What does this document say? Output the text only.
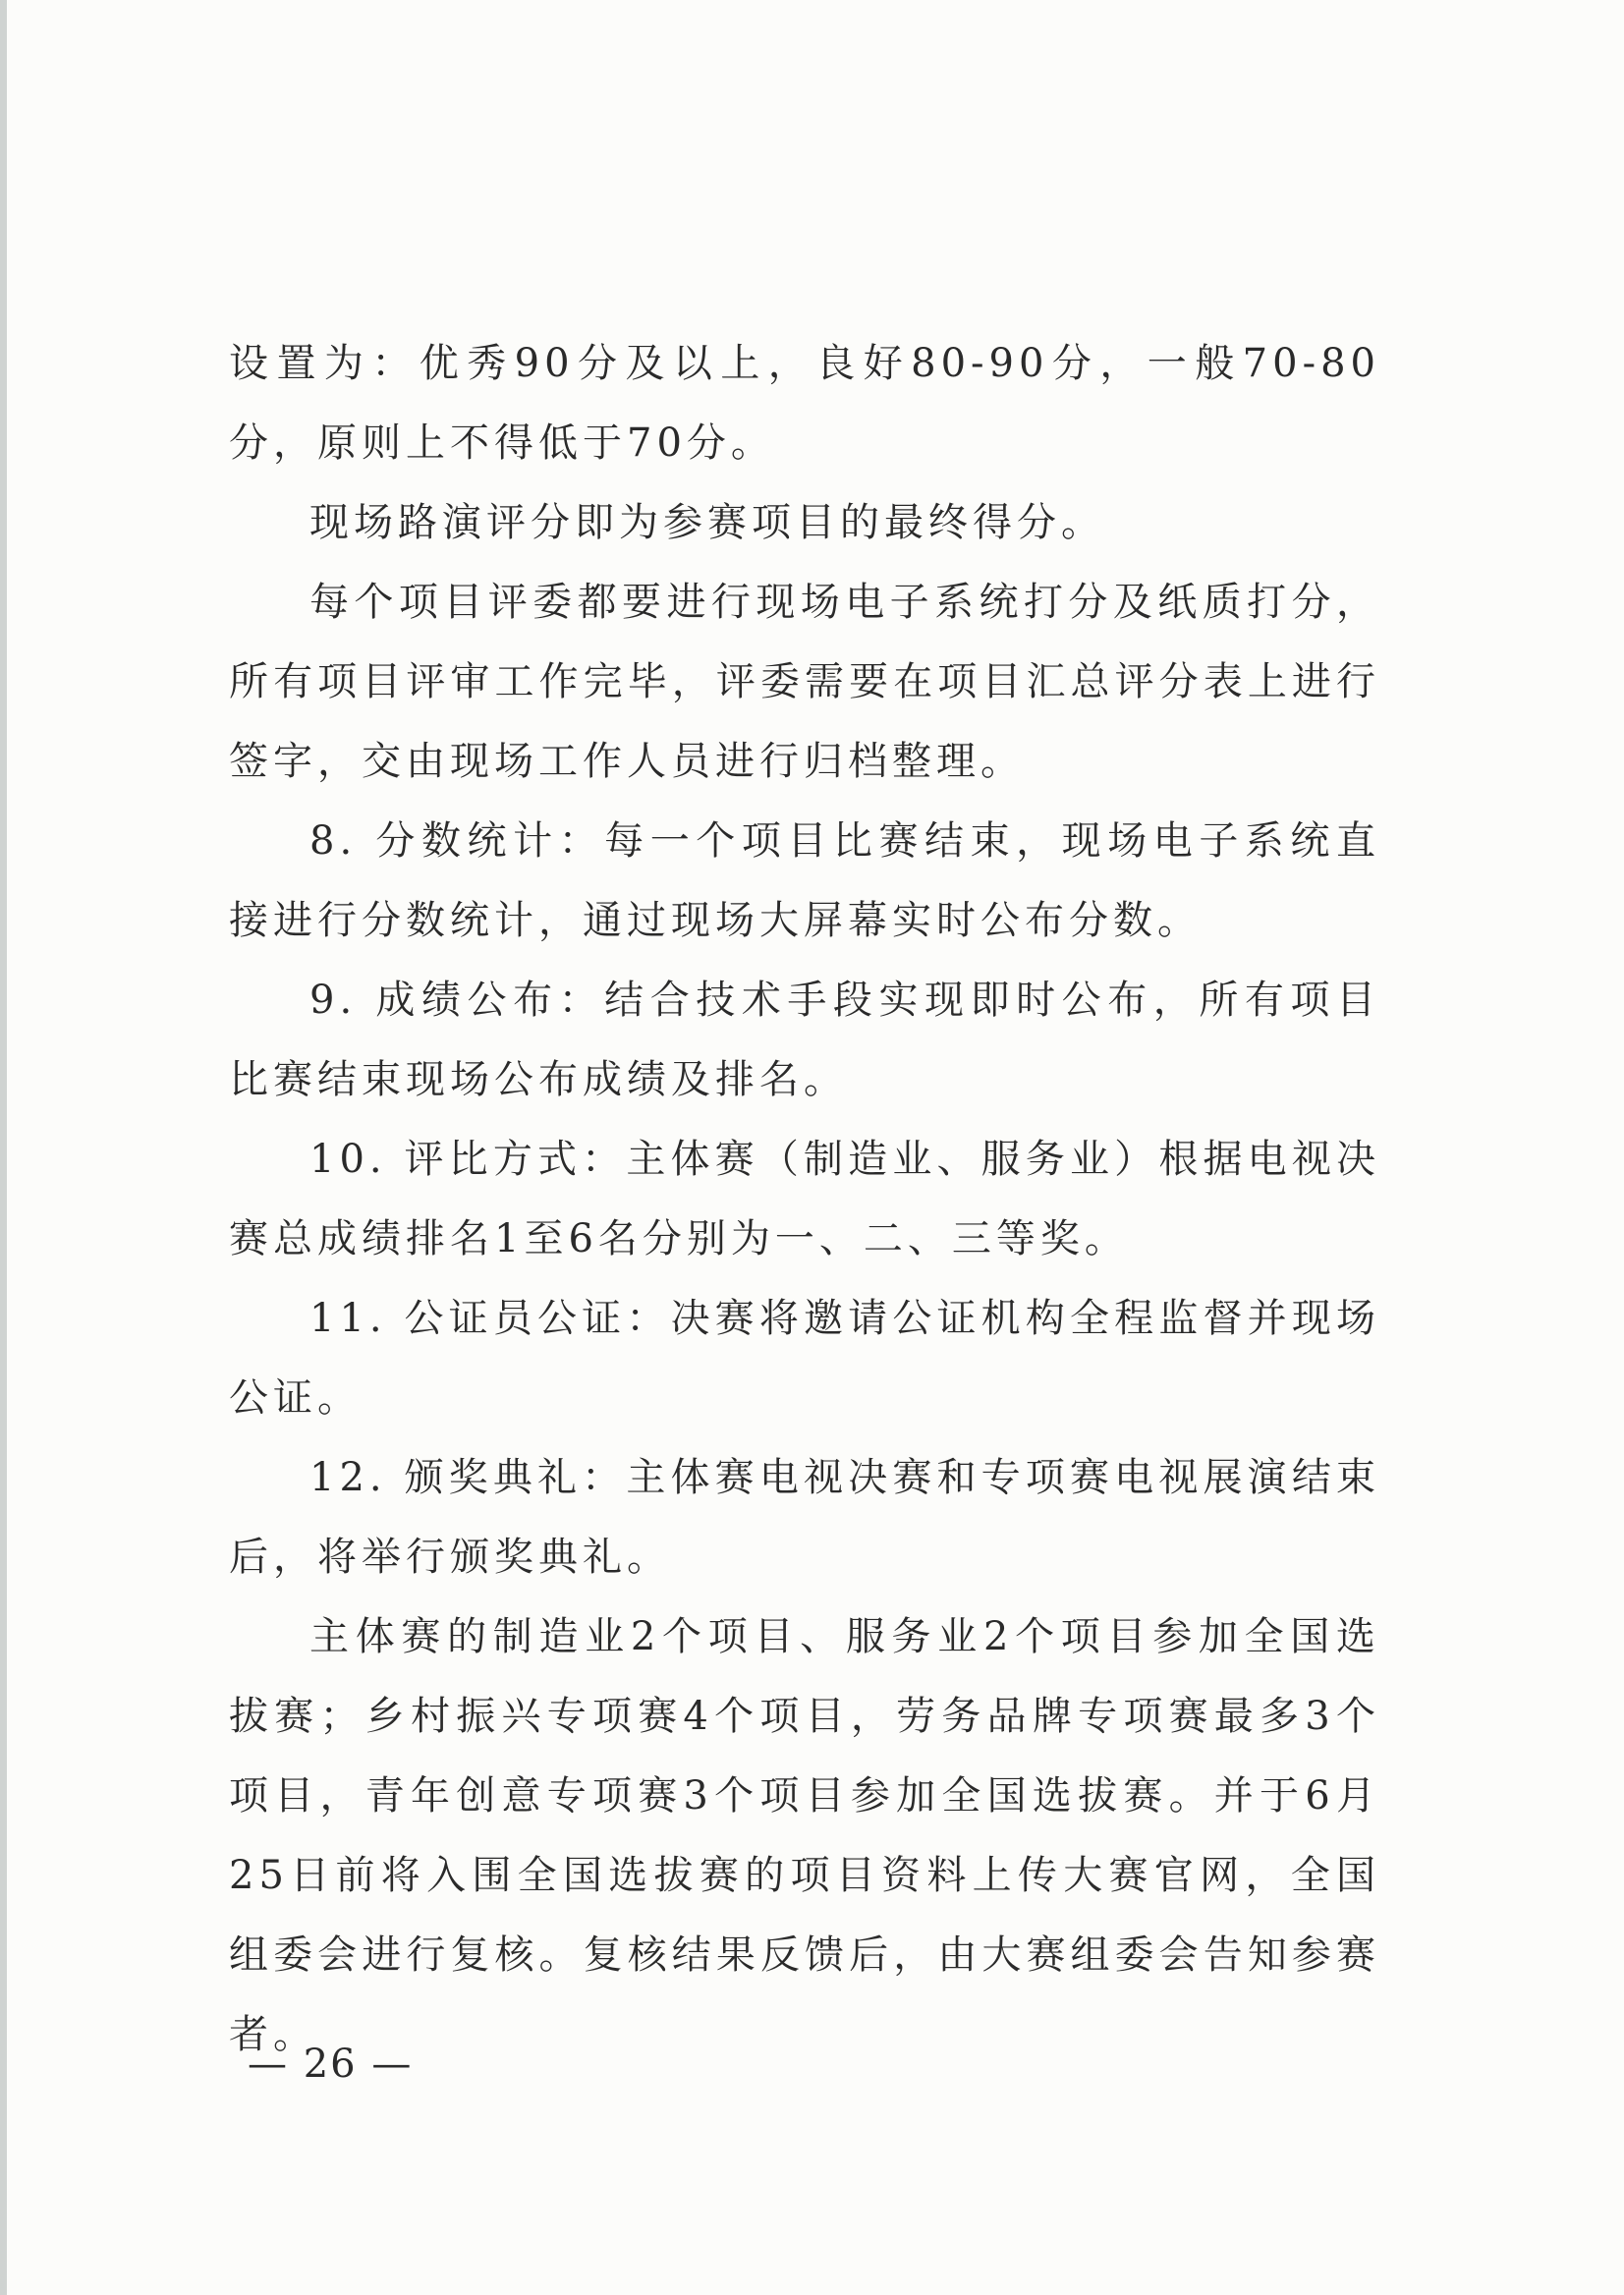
设置为：优秀90分及以上，良好80-90分，一般70-80分，原则上不得低于70分。

现场路演评分即为参赛项目的最终得分。

每个项目评委都要进行现场电子系统打分及纸质打分，所有项目评审工作完毕，评委需要在项目汇总评分表上进行签字，交由现场工作人员进行归档整理。

8. 分数统计：每一个项目比赛结束，现场电子系统直接进行分数统计，通过现场大屏幕实时公布分数。

9. 成绩公布：结合技术手段实现即时公布，所有项目比赛结束现场公布成绩及排名。

10. 评比方式：主体赛（制造业、服务业）根据电视决赛总成绩排名1至6名分别为一、二、三等奖。

11. 公证员公证：决赛将邀请公证机构全程监督并现场公证。

12. 颁奖典礼：主体赛电视决赛和专项赛电视展演结束后，将举行颁奖典礼。

主体赛的制造业2个项目、服务业2个项目参加全国选拔赛；乡村振兴专项赛4个项目，劳务品牌专项赛最多3个项目，青年创意专项赛3个项目参加全国选拔赛。并于6月25日前将入围全国选拔赛的项目资料上传大赛官网，全国组委会进行复核。复核结果反馈后，由大赛组委会告知参赛者。

— 26 —
